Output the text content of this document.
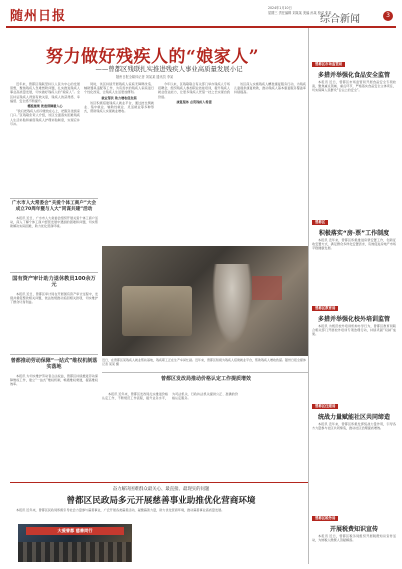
随州日报
2024年1月10日
星期三 责任编辑 刘某某 美编 孙某 校对 张某
综合新闻	3
努力做好残疾人的“娘家人”
——曾都区残联扎实推进残疾人事业高质量发展小记
随州日报全媒体记者 刘某某 通讯员 李某

近年来，曾都区残联坚持以人民为中心的发展思想，聚焦残疾人急难愁盼问题，扎实推进残疾人事业高质量发展，切实做好残疾人的“娘家人”。全区持证残疾人得到有效关爱，残疾人的获得感、幸福感、安全感不断提升。

精准施策 兜底保障暖人心

“我们把残疾人的冷暖放在心上，把服务送到家门口。”区残联负责人介绍，该区全面落实困难残疾人生活补贴和重度残疾人护理补贴制度，实现应补尽补。

同时，该区持续开展残疾人家庭无障碍改造、辅助器具适配等工作，为有需求的残疾人家庭进行个性化改造，让残疾人生活更加便利。

就业帮扶 助力增收促发展

该区积极搭建残疾人就业平台，通过按比例就业、集中就业、辅助性就业、灵活就业等多种形式，帮助残疾人实现就业增收。

今年以来，区残联联合有关部门举办残疾人专场招聘会，组织残疾人参加职业技能培训，提升残疾人就业创业能力，让更多残疾人凭借一技之长实现自我价值。

康复服务 点亮残疾人希望

该区深入实施残疾人精准康复服务行动，为残疾儿童提供康复救助，推动残疾人基本康复服务覆盖率持续提高。

广水市人大常委会“关爱个体工商户”大会成立70周年暨与人大“同谋共建”活动

本报讯 近日，广水市人大常委会组织开展关爱个体工商户活动，深入了解个体工商户经营发展中遇到的困难和问题，切实帮助解决实际困难，助力优化营商环境。

国有资产审计助力退休教员100余万元

本报讯 近日，曾都区审计局在开展国有资产审计过程中，发现并督促整改相关问题，依法依规推动追回相关款项，切实维护了群众切身利益。

曾都推动劳动保障“一站式”维权机制落实落地

本报讯 为切实维护劳动者合法权益，曾都区持续推进劳动保障维权工作，建立“一站式”维权机制，畅通维权渠道，提高维权效率。

近日，在曾都区某残疾人就业帮扶基地，残疾职工正在生产车间忙碌。近年来，曾都区积极为残疾人搭建就业平台，帮助残疾人增收致富。随州日报全媒体记者 某某 摄
曾都区发改局推动价格认定工作提质增效

本报讯 近年来，曾都区发改局扎实推进价格认定工作，不断规范工作流程，提升业务水平，为司法机关、行政执法机关提供公正、准确的价格认定服务。

奋力解决困难群众最关心、最直接、最现实的问题
曾都区民政局多元开展慈善事业助推优化营商环境

本报讯 近年来，曾都区民政局积极引导社会力量参与慈善事业，广泛开展各类慈善活动，凝聚慈善力量，助力优化营商环境，推动慈善事业高质量发展。

大爱曾都 慈善同行
曾都区市场监管局
多措并举强化食品安全监管

本报讯 近日，曾都区市场监管局开展食品安全专项检查，聚焦重点领域、重点环节，严格落实食品安全主体责任，切实保障人民群众“舌尖上的安全”。

曾都区
积极落实“房·票”工作制度

本报讯 近年来，曾都区积极推进房票安置工作，创新征收安置方式，满足群众多样化安置需求，有效促进房地产市场平稳健康发展。

曾都区教育局
多措并举强化校外培训监管

本报讯 为规范校外培训机构办学行为，曾都区教育局联合相关部门开展校外培训专项治理行动，持续巩固“双减”成果。

曾都区住建局
统战力量赋能社区共同缔造

本报讯 近年来，曾都区积极发挥统战力量作用，引导各方力量参与社区共同缔造，推动社区治理提质增效。

曾都区税务局
开展税费知识宣传

本报讯 近日，曾都区税务局组织开展税费知识宣传活动，为纳税人缴费人答疑解惑。
